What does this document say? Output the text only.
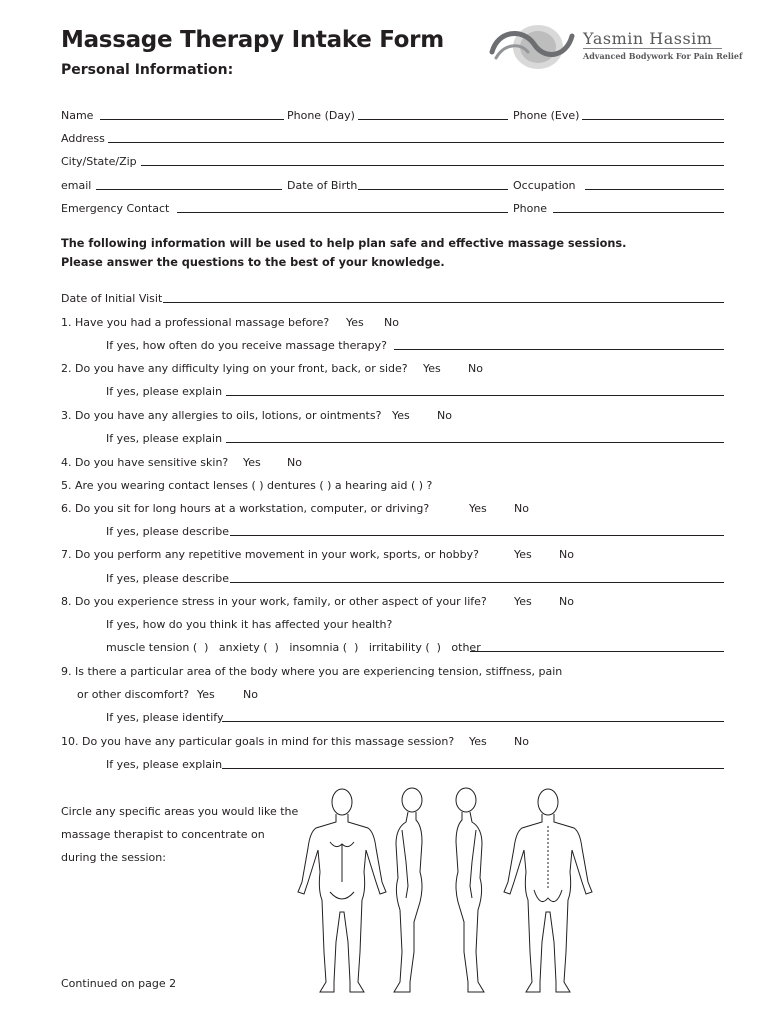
Massage Therapy Intake Form
Personal Information:
Yasmin Hassim
Advanced Bodywork For Pain Relief
Name	Phone (Day)	Phone (Eve)
Address
City/State/Zip
email	Date of Birth	Occupation
Emergency Contact	Phone
The following information will be used to help plan safe and effective massage sessions.
Please answer the questions to the best of your knowledge.
Date of Initial Visit
1. Have you had a professional massage before? Yes No
If yes, how often do you receive massage therapy?
2. Do you have any difficulty lying on your front, back, or side? Yes No
If yes, please explain
3. Do you have any allergies to oils, lotions, or ointments? Yes No
If yes, please explain
4. Do you have sensitive skin? Yes No
5. Are you wearing contact lenses ( ) dentures ( ) a hearing aid ( ) ?
6. Do you sit for long hours at a workstation, computer, or driving?	Yes No
If yes, please describe
7. Do you perform any repetitive movement in your work, sports, or hobby?	Yes No
If yes, please describe
8. Do you experience stress in your work, family, or other aspect of your life? Yes No
If yes, how do you think it has affected your health?
muscle tension (  )   anxiety (  )   insomnia (  )   irritability (  )   other
9. Is there a particular area of the body where you are experiencing tension, stiffness, pain
or other discomfort? Yes	No
If yes, please identify
10. Do you have any particular goals in mind for this massage session? Yes No
If yes, please explain
Circle any specific areas you would like the
massage therapist to concentrate on
during the session:
Continued on page 2
